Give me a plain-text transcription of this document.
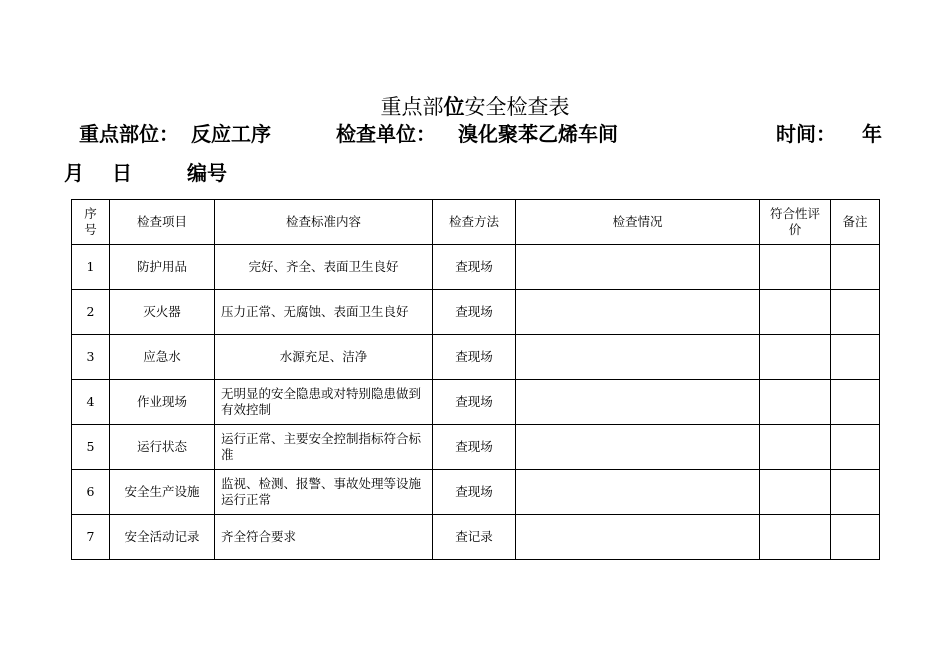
重点部位安全检查表
重点部位： 反应工序	检查单位： 溴化聚苯乙烯车间	时间： 年
月 日	编号
序号	检查项目	检查标准内容	检查方法	检查情况	符合性评价	备注
1	防护用品	完好、齐全、表面卫生良好	查现场			
2	灭火器	压力正常、无腐蚀、表面卫生良好	查现场			
3	应急水	水源充足、洁净	查现场			
4	作业现场	无明显的安全隐患或对特别隐患做到有效控制	查现场			
5	运行状态	运行正常、主要安全控制指标符合标准	查现场			
6	安全生产设施	监视、检测、报警、事故处理等设施运行正常	查现场			
7	安全活动记录	齐全符合要求	查记录			
